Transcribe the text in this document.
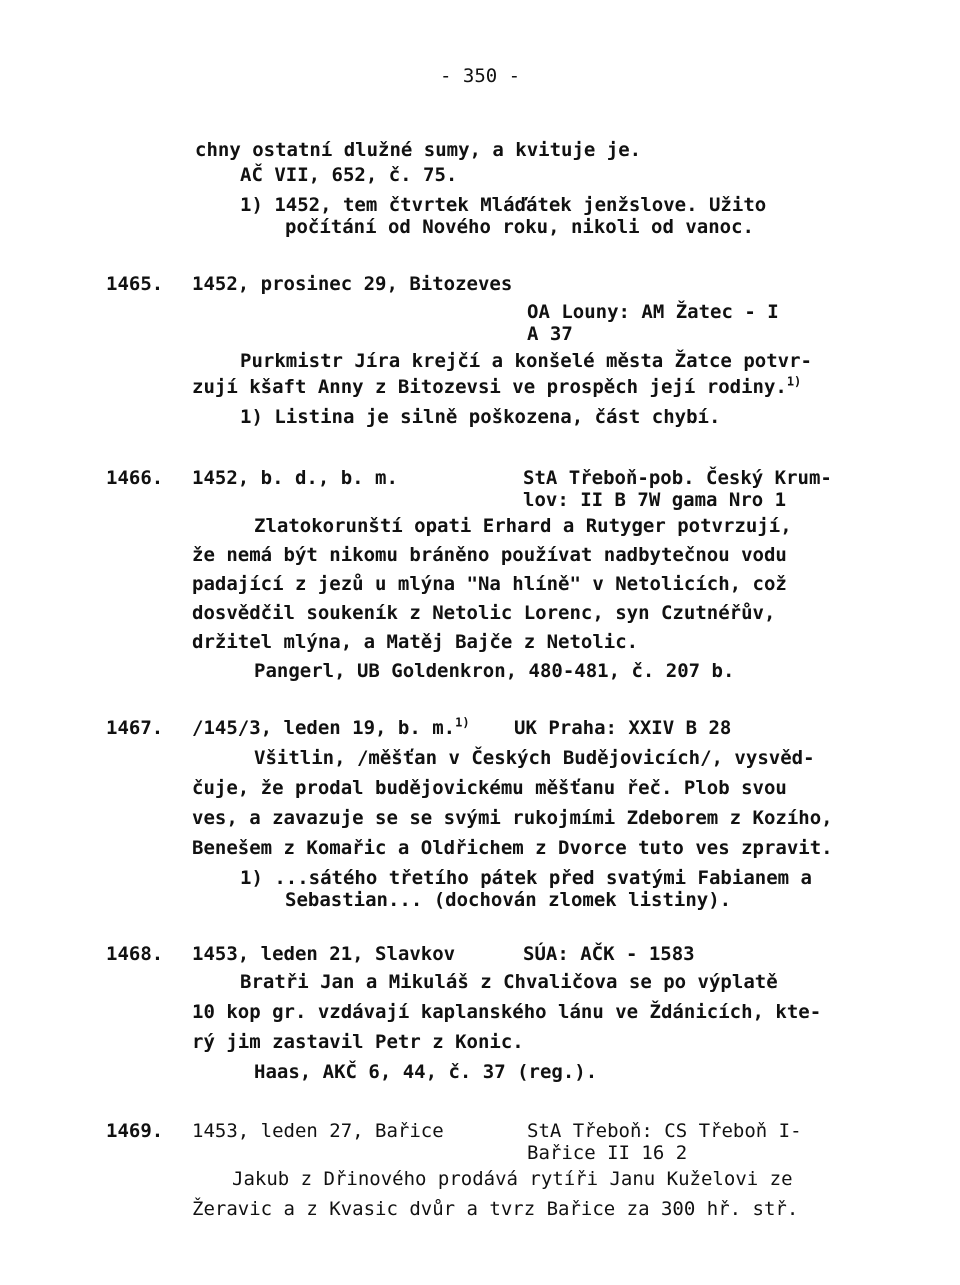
- 350 -
chny ostatní dlužné sumy, a kvituje je.
AČ VII, 652, č. 75.
1) 1452, tem čtvrtek Mláďátek jenžslove. Užito
počítání od Nového roku, nikoli od vanoc.
1465. 1452, prosinec 29, Bitozeves
OA Louny: AM Žatec - I
A 37
Purkmistr Jíra krejčí a konšelé města Žatce potvr-
zují kšaft Anny z Bitozevsi ve prospěch její rodiny.$^{1)}$
1) Listina je silně poškozena, část chybí.
1466. 1452, b. d., b. m.	StA Třeboň-pob. Český Krum-
lov: II B 7W gama Nro 1
Zlatokorunští opati Erhard a Rutyger potvrzují,
že nemá být nikomu bráněno používat nadbytečnou vodu
padající z jezů u mlýna "Na hlíně" v Netolicích, což
dosvědčil soukeník z Netolic Lorenc, syn Czutnéřův,
držitel mlýna, a Matěj Bajče z Netolic.
Pangerl, UB Goldenkron, 480-481, č. 207 b.
1467. /145/3, leden 19, b. m.$^{1)}$ UK Praha: XXIV B 28
Všitlin, /měšťan v Českých Budějovicích/, vysvěd-
čuje, že prodal budějovickému měšťanu řeč. Plob svou
ves, a zavazuje se se svými rukojmími Zdeborem z Kozího,
Benešem z Komařic a Oldřichem z Dvorce tuto ves zpravit.
1) ...sátého třetího pátek před svatými Fabianem a
Sebastian... (dochován zlomek listiny).
1468. 1453, leden 21, Slavkov	SÚA: AČK - 1583
Bratři Jan a Mikuláš z Chvaličova se po výplatě
10 kop gr. vzdávají kaplanského lánu ve Ždánicích, kte-
rý jim zastavil Petr z Konic.
Haas, AKČ 6, 44, č. 37 (reg.).
1469. 1453, leden 27, Bařice	StA Třeboň: CS Třeboň I-
Bařice II 16 2
Jakub z Dřinového prodává rytíři Janu Kuželovi ze
Žeravic a z Kvasic dvůr a tvrz Bařice za 300 hř. stř.
